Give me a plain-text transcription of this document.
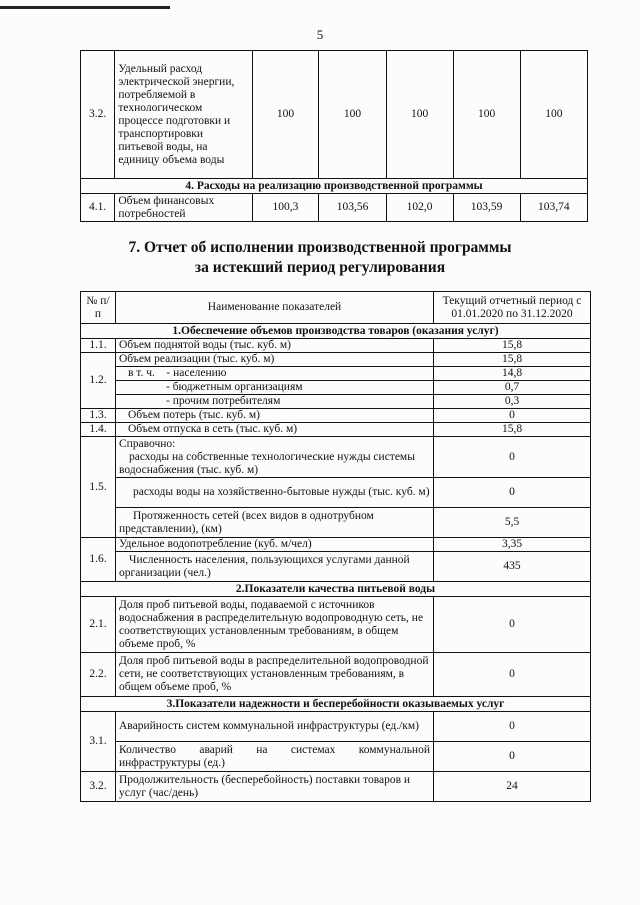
5
3.2.	Удельный расход электрической энергии, потребляемой в технологическом процессе подготовки и транспортировки питьевой воды, на единицу объема воды	100	100	100	100	100
4. Расходы на реализацию производственной программы						
4.1.	Объем финансовых потребностей	100,3	103,56	102,0	103,59	103,74
7. Отчет об исполнении производственной программы
за истекший период регулирования
№ п/п	Наименование показателей	Текущий отчетный период с 01.01.2020 по 31.12.2020
1.Обеспечение объемов производства товаров (оказания услуг)		
1.1.	Объем поднятой воды (тыс. куб. м)	15,8
1.2.	Объем реализации (тыс. куб. м)	15,8
	в т. ч.    - населению	14,8
	- бюджетным организациям	0,7
	- прочим потребителям	0,3
1.3.	Объем потерь (тыс. куб. м)	0
1.4.	Объем отпуска в сеть (тыс. куб. м)	15,8
1.5.	Справочно:
расходы на собственные технологические нужды системы водоснабжения (тыс. куб. м)	0
	расходы воды на хозяйственно-бытовые нужды (тыс. куб. м)	0
	Протяженность сетей (всех видов в однотрубном представлении), (км)	5,5
1.6.	Удельное водопотребление (куб. м/чел)	3,35
	Численность населения, пользующихся услугами данной организации (чел.)	435
2.Показатели качества питьевой воды		
2.1.	Доля проб питьевой воды, подаваемой с источников водоснабжения в распределительную водопроводную сеть, не соответствующих установленным требованиям, в общем объеме проб, %	0
2.2.	Доля проб питьевой воды в распределительной водопроводной сети, не соответствующих установленным требованиям, в общем объеме проб, %	0
3.Показатели надежности и бесперебойности оказываемых услуг		
3.1.	Аварийность систем коммунальной инфраструктуры (ед./км)	0
	Количество аварий на системах коммунальной инфраструктуры (ед.)	0
3.2.	Продолжительность (бесперебойность) поставки товаров и услуг (час/день)	24
